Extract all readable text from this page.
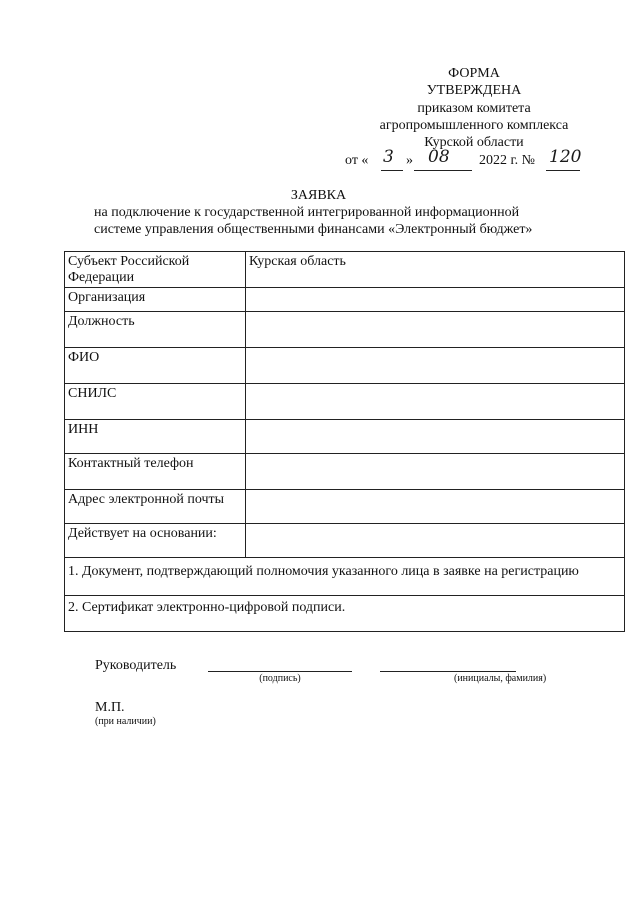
ФОРМА
УТВЕРЖДЕНА
приказом комитета
агропромышленного комплекса
Курской области
от « 3 » 08 2022 г. № 120
ЗАЯВКА
на подключение к государственной интегрированной информационной
системе управления общественными финансами «Электронный бюджет»
Субъект Российской Федерации	Курская область
Организация	
Должность	
ФИО	
СНИЛС	
ИНН	
Контактный телефон	
Адрес электронной почты	
Действует на основании:	
1. Документ, подтверждающий полномочия указанного лица в заявке на регистрацию	
2. Сертификат электронно-цифровой подписи.	
Руководитель
(подпись)	(инициалы, фамилия)
М.П.
(при наличии)
